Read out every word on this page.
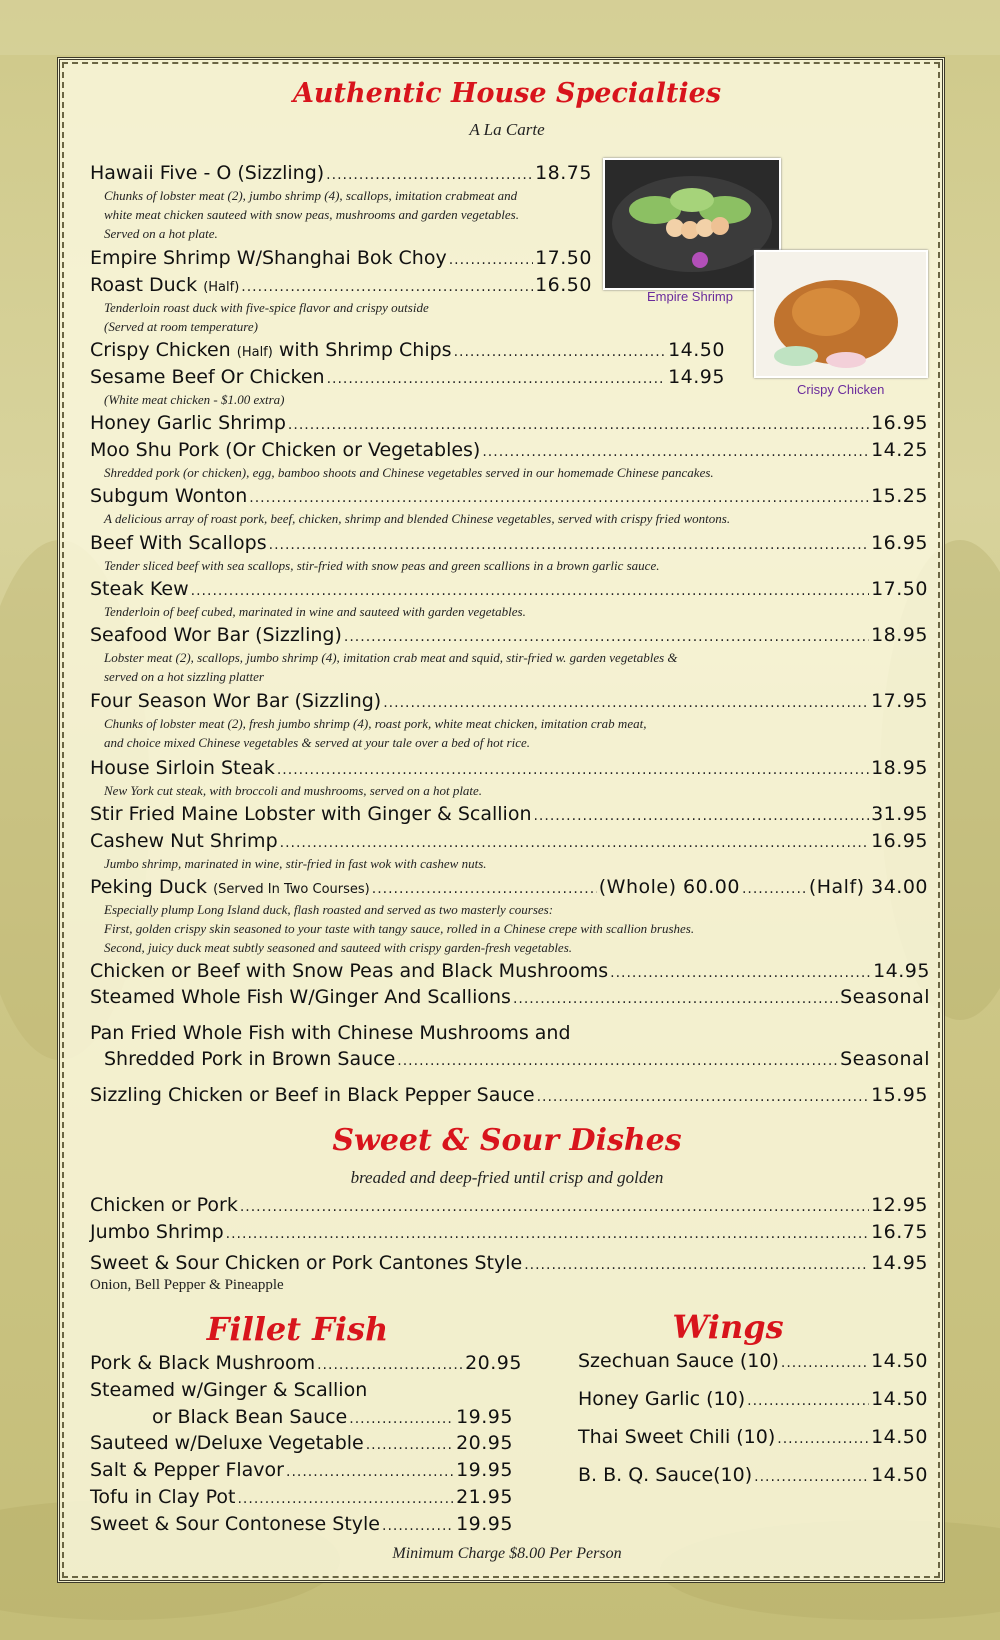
Authentic House Specialties
A La Carte
Empire Shrimp
Crispy Chicken
Hawaii Five - O (Sizzling) .....	18.75
Chunks of lobster meat (2), jumbo shrimp (4), scallops, imitation crabmeat and
white meat chicken sauteed with snow peas, mushrooms and garden vegetables.
Served on a hot plate.
Empire Shrimp W/Shanghai Bok Choy .....	17.50
Roast Duck (Half) .....	16.50
Tenderloin roast duck with five-spice flavor and crispy outside
(Served at room temperature)
Crispy Chicken (Half) with Shrimp Chips .....	14.50
Sesame Beef Or Chicken .....	14.95
(White meat chicken - $1.00 extra)
Honey Garlic Shrimp .....	16.95
Moo Shu Pork (Or Chicken or Vegetables) .....	14.25
Shredded pork (or chicken), egg, bamboo shoots and Chinese vegetables served in our homemade Chinese pancakes.
Subgum Wonton .....	15.25
A delicious array of roast pork, beef, chicken, shrimp and blended Chinese vegetables, served with crispy fried wontons.
Beef With Scallops .....	16.95
Tender sliced beef with sea scallops, stir-fried with snow peas and green scallions in a brown garlic sauce.
Steak Kew .....	17.50
Tenderloin of beef cubed, marinated in wine and sauteed with garden vegetables.
Seafood Wor Bar (Sizzling) .....	18.95
Lobster meat (2), scallops, jumbo shrimp (4), imitation crab meat and squid, stir-fried w. garden vegetables &
served on a hot sizzling platter
Four Season Wor Bar (Sizzling) .....	17.95
Chunks of lobster meat (2), fresh jumbo shrimp (4), roast pork, white meat chicken, imitation crab meat,
and choice mixed Chinese vegetables & served at your tale over a bed of hot rice.
House Sirloin Steak .....	18.95
New York cut steak, with broccoli and mushrooms, served on a hot plate.
Stir Fried Maine Lobster with Ginger & Scallion .....	31.95
Cashew Nut Shrimp .....	16.95
Jumbo shrimp, marinated in wine, stir-fried in fast wok with cashew nuts.
Peking Duck (Served In Two Courses) .....	(Whole) 60.00 .....	(Half) 34.00
Especially plump Long Island duck, flash roasted and served as two masterly courses:
First, golden crispy skin seasoned to your taste with tangy sauce, rolled in a Chinese crepe with scallion brushes.
Second, juicy duck meat subtly seasoned and sauteed with crispy garden-fresh vegetables.
Chicken or Beef with Snow Peas and Black Mushrooms .....	14.95
Steamed Whole Fish W/Ginger And Scallions .....	Seasonal
Pan Fried Whole Fish with Chinese Mushrooms and
Shredded Pork in Brown Sauce .....	Seasonal
Sizzling Chicken or Beef in Black Pepper Sauce .....	15.95
Sweet & Sour Dishes
breaded and deep-fried until crisp and golden
Chicken or Pork .....	12.95
Jumbo Shrimp .....	16.75
Sweet & Sour Chicken or Pork Cantones Style .....	14.95
Onion, Bell Pepper & Pineapple
Fillet Fish
Pork & Black Mushroom .....	20.95
Steamed w/Ginger & Scallion
or Black Bean Sauce .....	19.95
Sauteed w/Deluxe Vegetable .....	20.95
Salt & Pepper Flavor .....	19.95
Tofu in Clay Pot .....	21.95
Sweet & Sour Contonese Style .....	19.95
Wings
Szechuan Sauce (10) .....	14.50
Honey Garlic (10) .....	14.50
Thai Sweet Chili (10) .....	14.50
B. B. Q. Sauce(10) .....	14.50
Minimum Charge $8.00 Per Person
